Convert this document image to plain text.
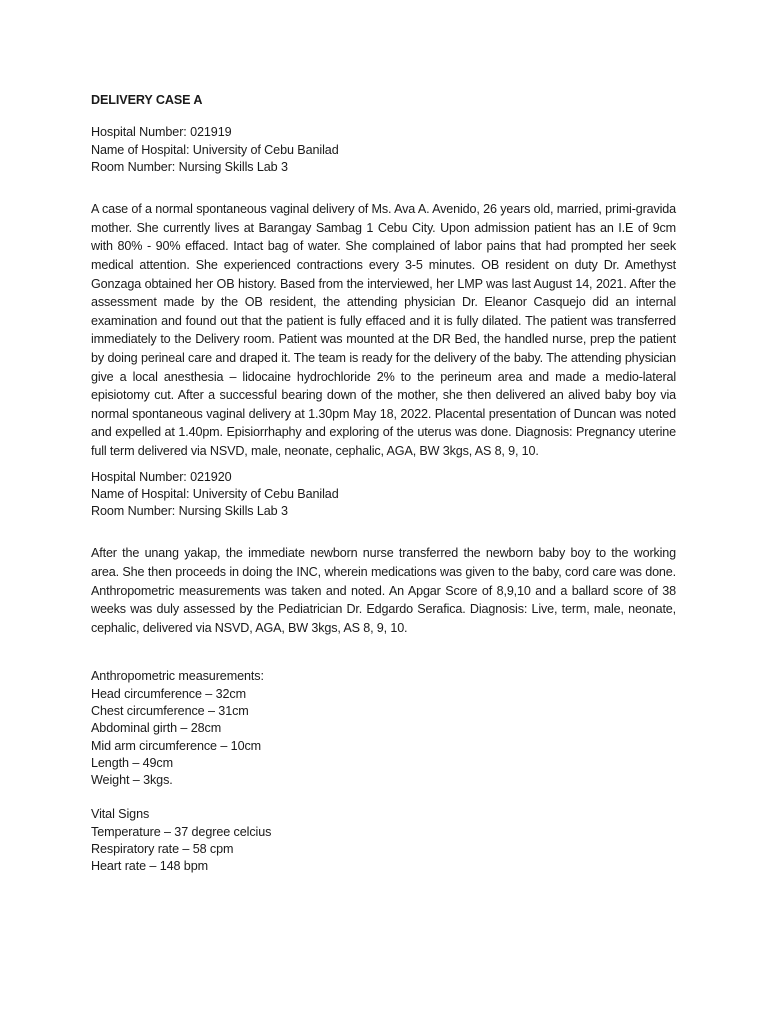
DELIVERY CASE A
Hospital Number: 021919
Name of Hospital: University of Cebu Banilad
Room Number: Nursing Skills Lab 3

A case of a normal spontaneous vaginal delivery of Ms. Ava A. Avenido, 26 years old, married, primi-gravida mother. She currently lives at Barangay Sambag 1 Cebu City. Upon admission patient has an I.E of 9cm with 80% - 90% effaced. Intact bag of water. She complained of labor pains that had prompted her seek medical attention. She experienced contractions every 3-5 minutes. OB resident on duty Dr. Amethyst Gonzaga obtained her OB history. Based from the interviewed, her LMP was last August 14, 2021. After the assessment made by the OB resident, the attending physician Dr. Eleanor Casquejo did an internal examination and found out that the patient is fully effaced and it is fully dilated. The patient was transferred immediately to the Delivery room. Patient was mounted at the DR Bed, the handled nurse, prep the patient by doing perineal care and draped it. The team is ready for the delivery of the baby. The attending physician give a local anesthesia – lidocaine hydrochloride 2% to the perineum area and made a medio-lateral episiotomy cut. After a successful bearing down of the mother, she then delivered an alived baby boy via normal spontaneous vaginal delivery at 1.30pm May 18, 2022. Placental presentation of Duncan was noted and expelled at 1.40pm. Episiorrhaphy and exploring of the uterus was done. Diagnosis: Pregnancy uterine full term delivered via NSVD, male, neonate, cephalic, AGA, BW 3kgs, AS 8, 9, 10.

Hospital Number: 021920
Name of Hospital: University of Cebu Banilad
Room Number: Nursing Skills Lab 3

After the unang yakap, the immediate newborn nurse transferred the newborn baby boy to the working area. She then proceeds in doing the INC, wherein medications was given to the baby, cord care was done. Anthropometric measurements was taken and noted. An Apgar Score of 8,9,10 and a ballard score of 38 weeks was duly assessed by the Pediatrician Dr. Edgardo Serafica. Diagnosis: Live, term, male, neonate, cephalic, delivered via NSVD, AGA, BW 3kgs, AS 8, 9, 10.

Anthropometric measurements:
Head circumference – 32cm
Chest circumference – 31cm
Abdominal girth – 28cm
Mid arm circumference – 10cm
Length – 49cm
Weight – 3kgs.
Vital Signs
Temperature – 37 degree celcius
Respiratory rate – 58 cpm
Heart rate – 148 bpm
